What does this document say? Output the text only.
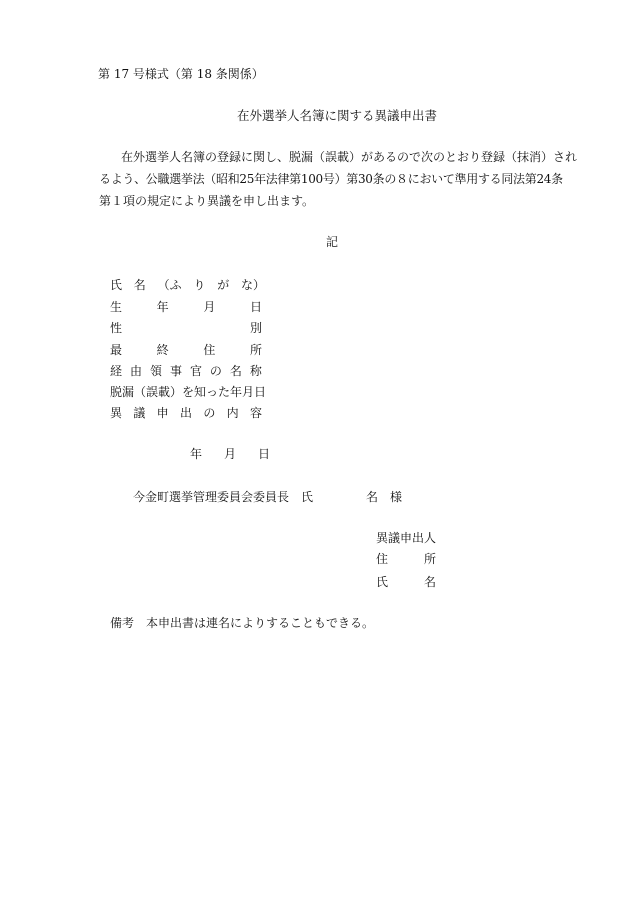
第 17 号様式（第 18 条関係）
在外選挙人名簿に関する異議申出書
在外選挙人名簿の登録に関し、脱漏（誤載）があるので次のとおり登録（抹消）され
るよう、公職選挙法（昭和25年法律第100号）第30条の８において準用する同法第24条
第１項の規定により異議を申し出ます。
記
氏 名 （ふ り が な）
生	年	月	日
性	別
最	終	住	所
経 由 領 事 官 の 名 称
脱漏（誤載）を知った年月日
異 議 申 出 の 内 容
年 月 日
今金町選挙管理委員会委員長　氏	名　様
異議申出人
住	所
氏	名
備考　本申出書は連名によりすることもできる。
